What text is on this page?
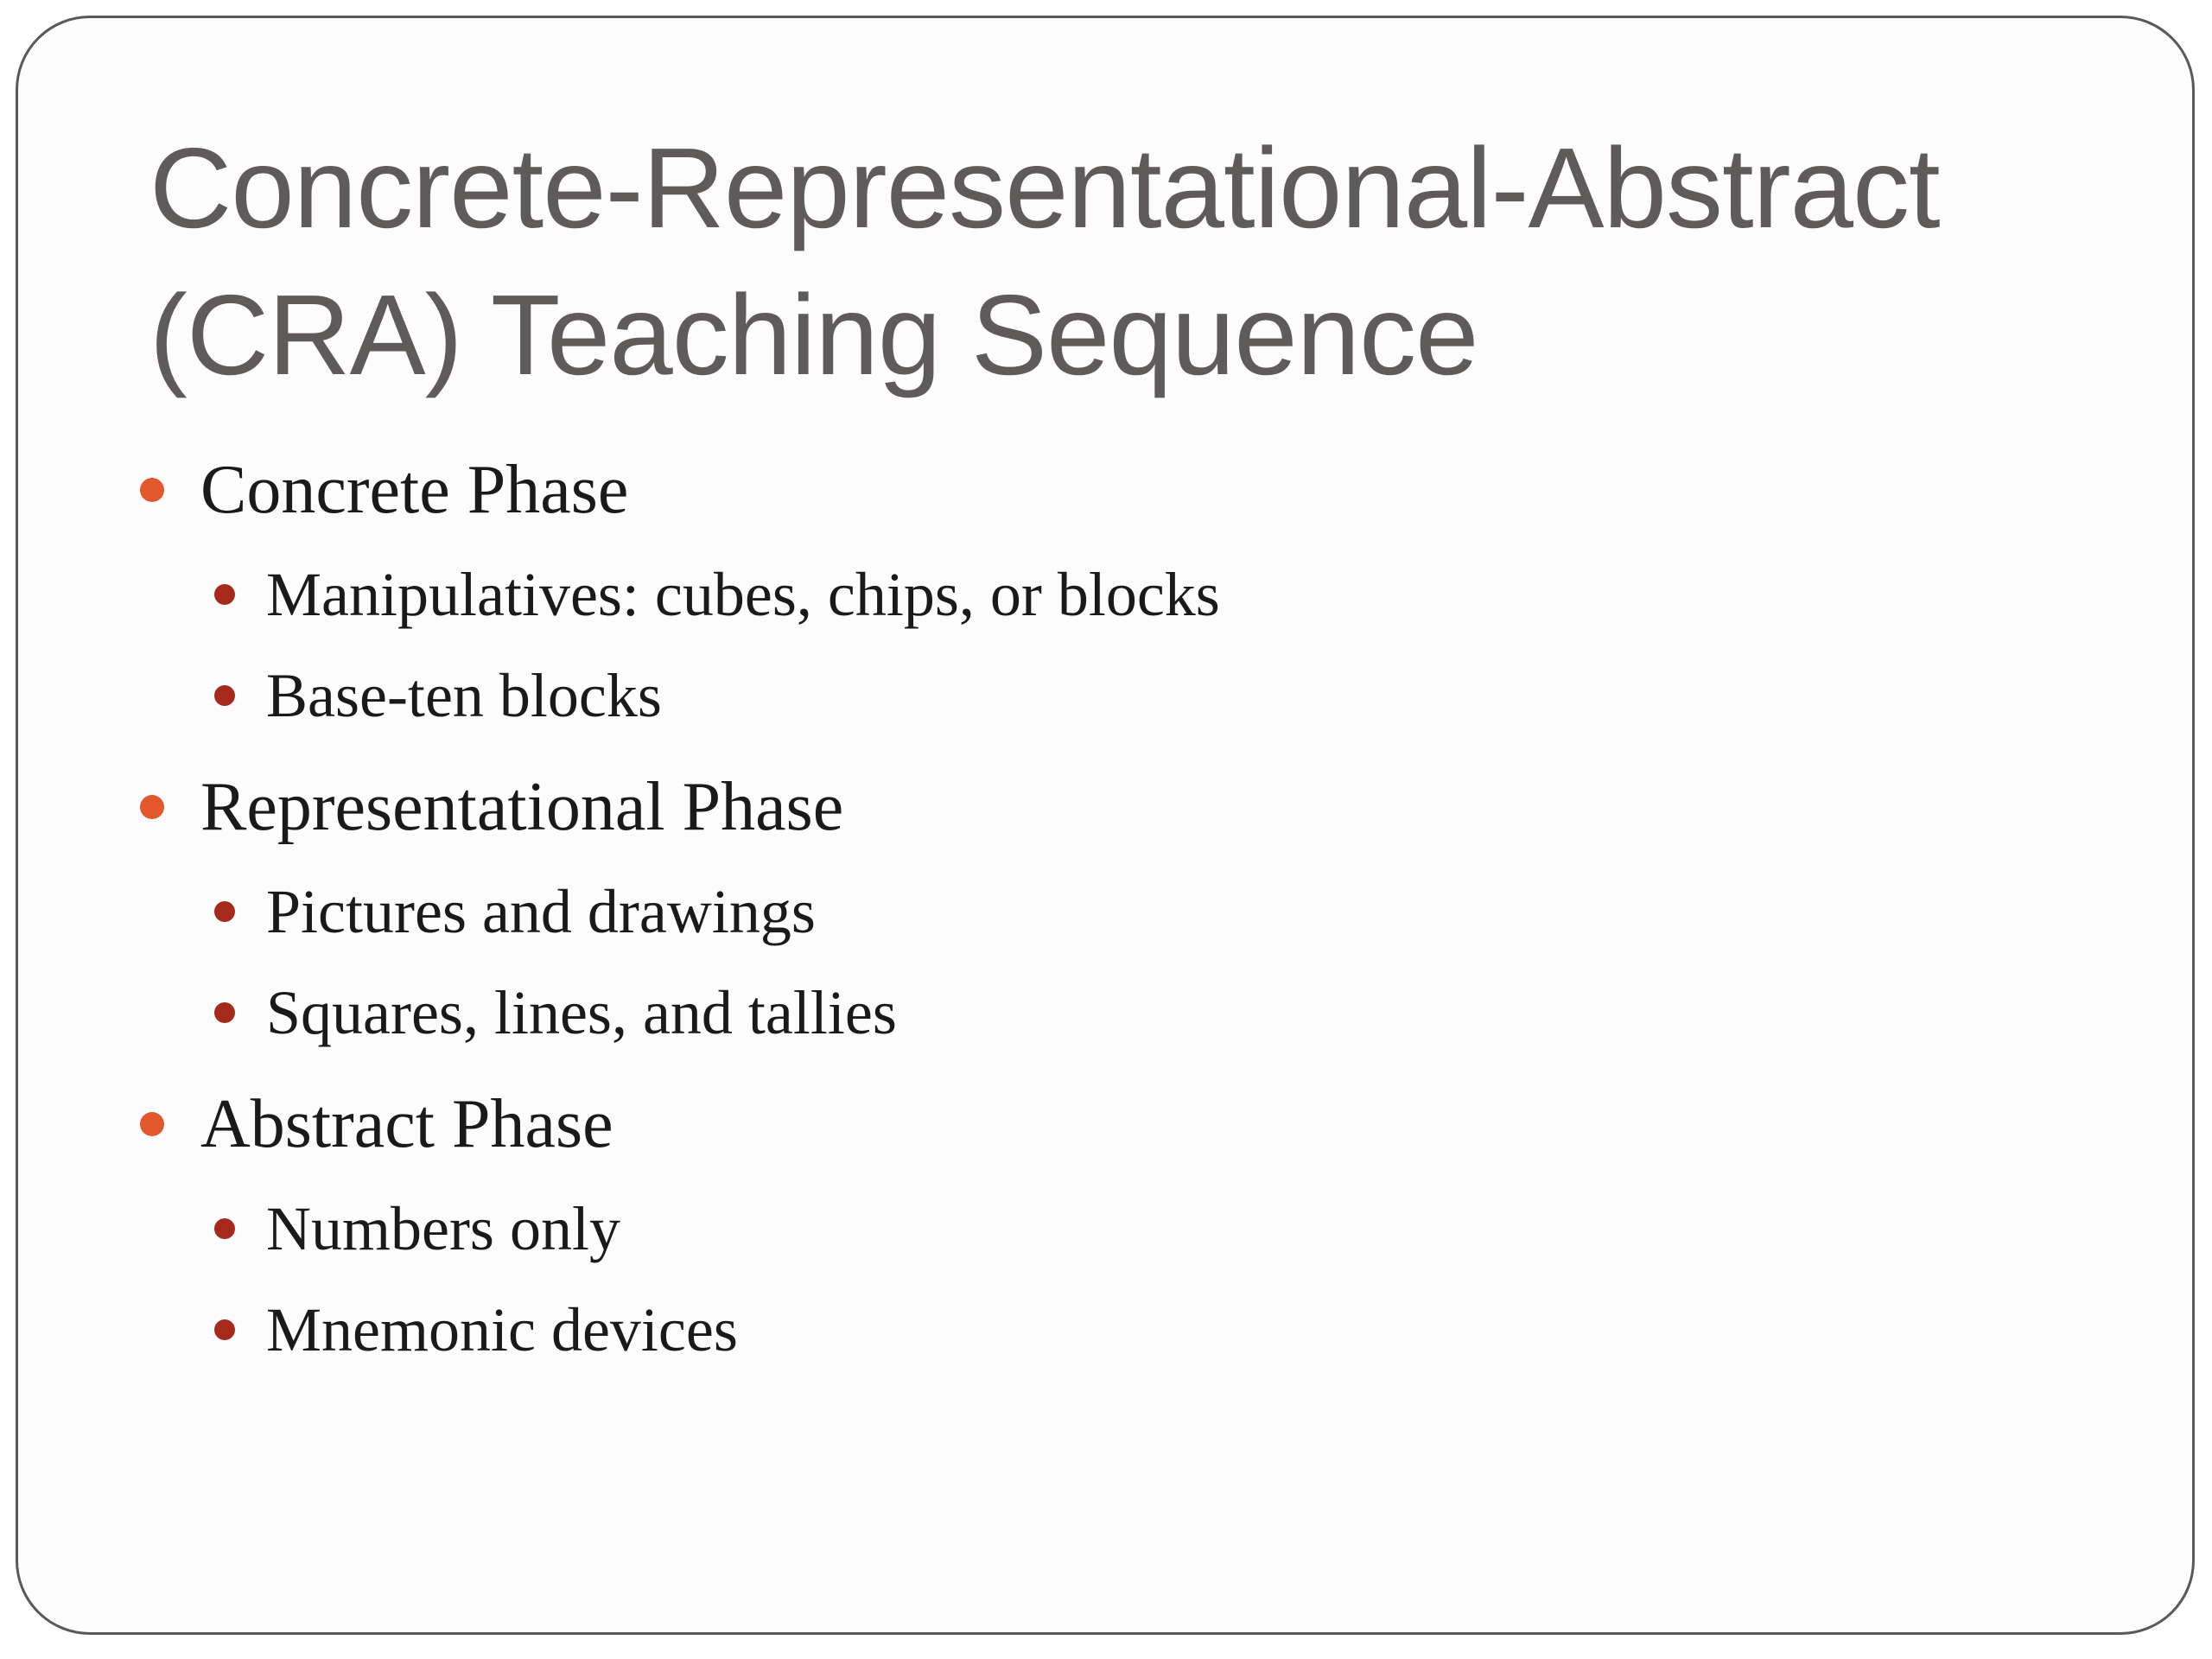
Concrete-Representational-Abstract
(CRA) Teaching Sequence
Concrete Phase
Manipulatives: cubes, chips, or blocks
Base-ten blocks
Representational Phase
Pictures and drawings
Squares, lines, and tallies
Abstract Phase
Numbers only
Mnemonic devices
